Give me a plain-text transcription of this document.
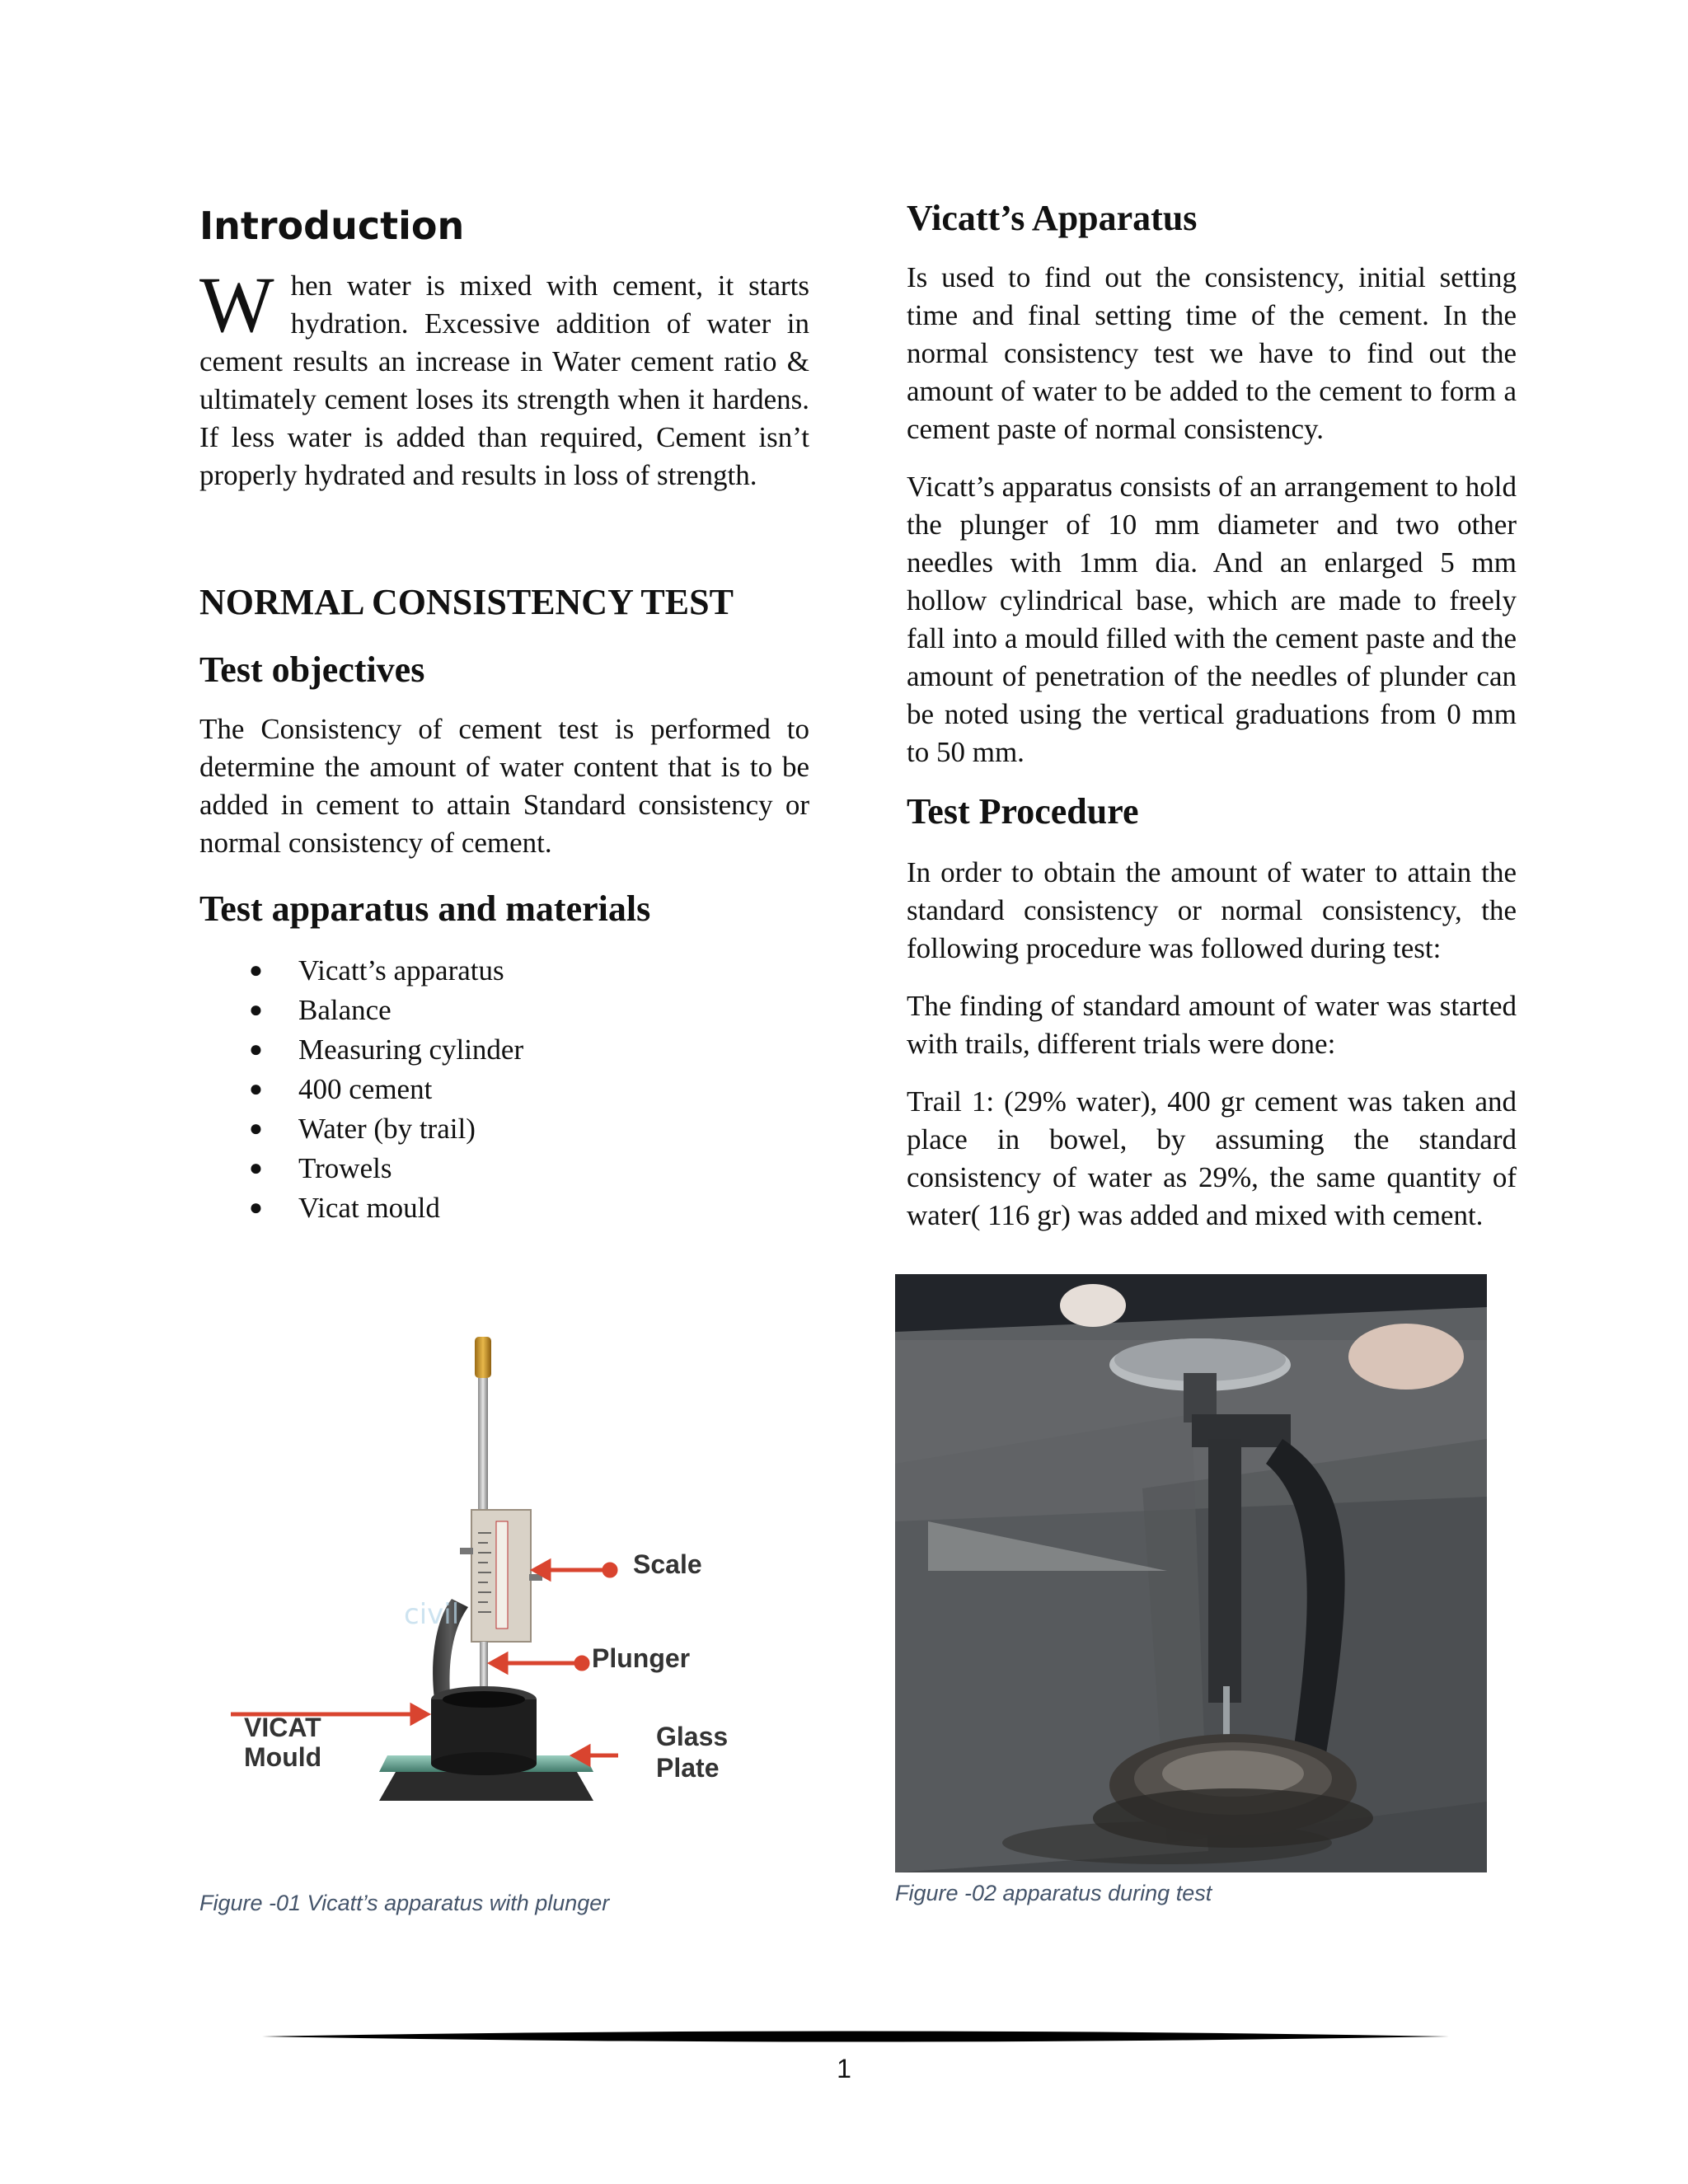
Introduction
W hen water is mixed with cement, it starts hydration. Excessive addition of water in cement results an increase in Water cement ratio & ultimately cement loses its strength when it hardens. If less water is added than required, Cement isn’t properly hydrated and results in loss of strength.

NORMAL CONSISTENCY TEST
Test objectives

The Consistency of cement test is performed to determine the amount of water content that is to be added in cement to attain Standard consistency or normal consistency of cement.

Test apparatus and materials
● Vicatt’s apparatus
● Balance
● Measuring cylinder
● 400 cement
● Water (by trail)
● Trowels
● Vicat mould
civil
Scale
Plunger
VICAT
Mould
Glass
Plate
Figure -01 Vicatt’s apparatus with plunger
Vicatt’s Apparatus

Is used to find out the consistency, initial setting time and final setting time of the cement. In the normal consistency test we have to find out the amount of water to be added to the cement to form a cement paste of normal consistency.

Vicatt’s apparatus consists of an arrangement to hold the plunger of 10 mm diameter and two other needles with 1mm dia. And an enlarged 5 mm hollow cylindrical base, which are made to freely fall into a mould filled with the cement paste and the amount of penetration of the needles of plunder can be noted using the vertical graduations from 0 mm to 50 mm.

Test Procedure

In order to obtain the amount of water to attain the standard consistency or normal consistency, the following procedure was followed during test:

The finding of standard amount of water was started with trails, different trials were done:

Trail 1: (29% water), 400 gr cement was taken and place in bowel, by assuming the standard consistency of water as 29%, the same quantity of water( 116 gr) was added and mixed with cement.

Figure -02 apparatus during test
1
